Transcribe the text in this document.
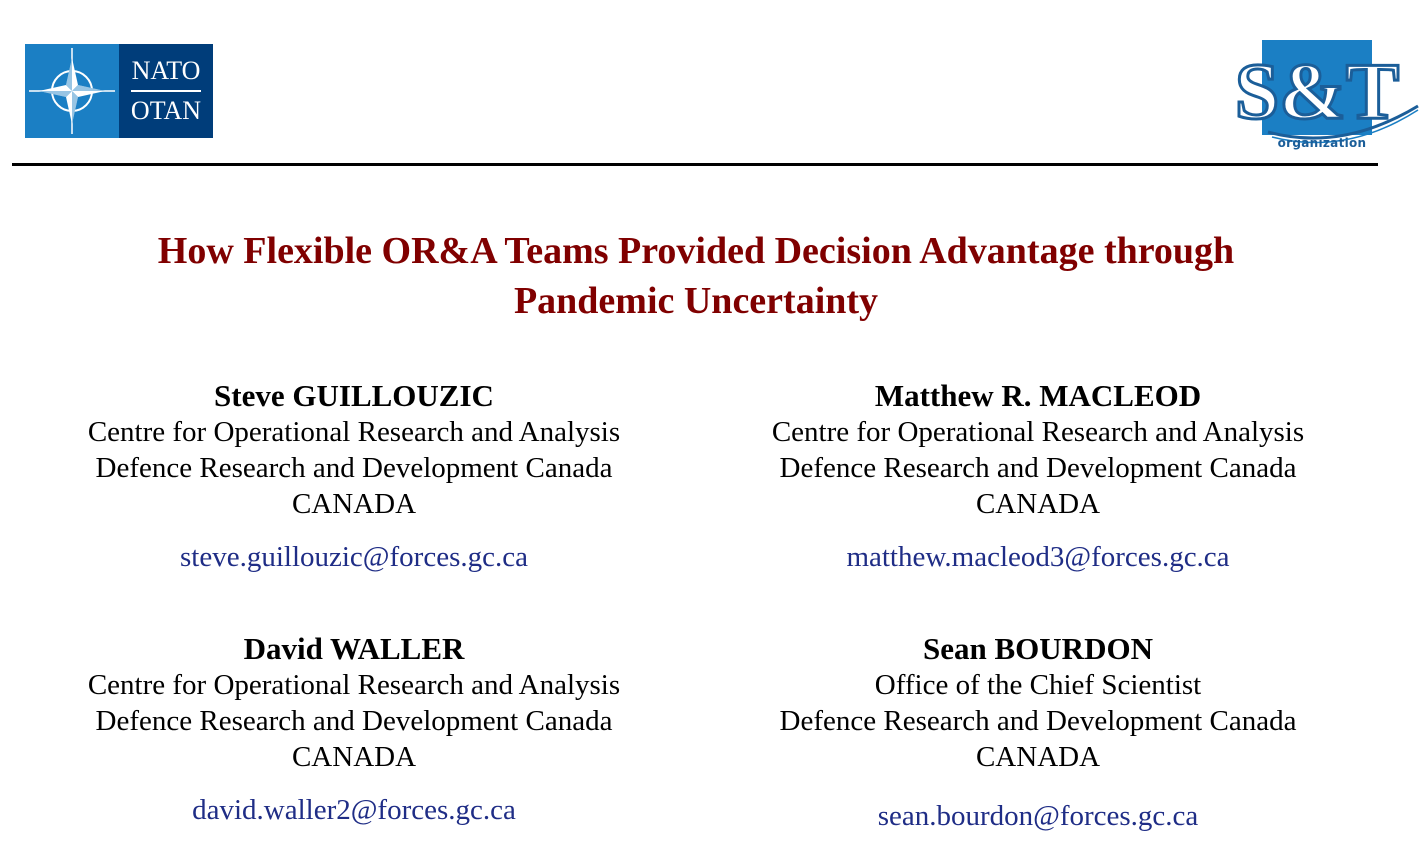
NATO
OTAN	S&T
organization
How Flexible OR&A Teams Provided Decision Advantage through
Pandemic Uncertainty
Steve GUILLOUZIC
Centre for Operational Research and Analysis
Defence Research and Development Canada
CANADA
steve.guillouzic@forces.gc.ca
Matthew R. MACLEOD
Centre for Operational Research and Analysis
Defence Research and Development Canada
CANADA
matthew.macleod3@forces.gc.ca
David WALLER
Centre for Operational Research and Analysis
Defence Research and Development Canada
CANADA
david.waller2@forces.gc.ca
Sean BOURDON
Office of the Chief Scientist
Defence Research and Development Canada
CANADA
sean.bourdon@forces.gc.ca
